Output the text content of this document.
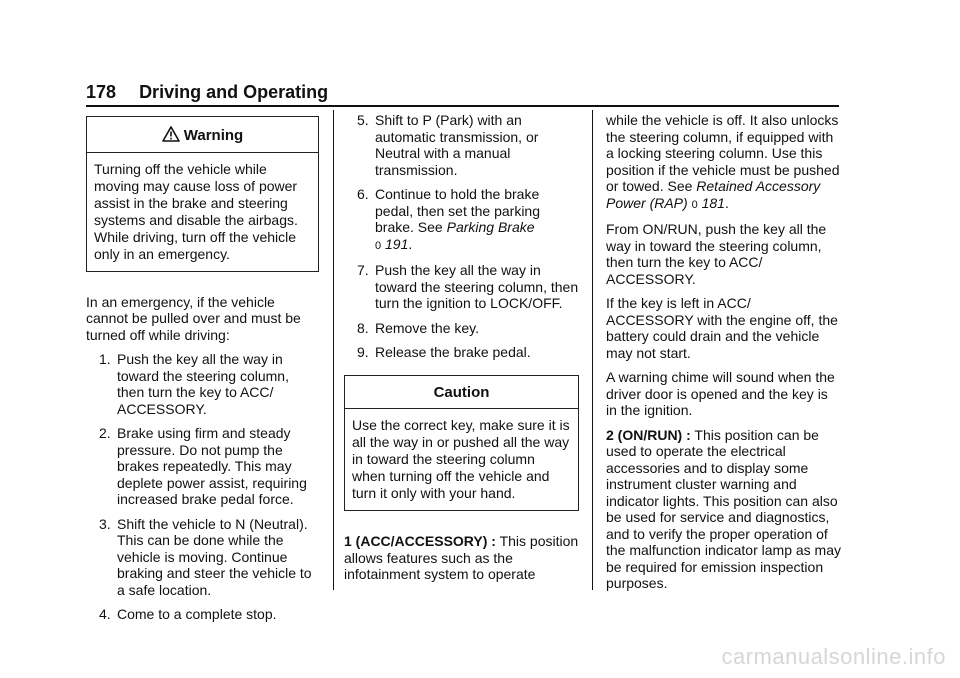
178 Driving and Operating
Warning
Turning off the vehicle while moving may cause loss of power assist in the brake and steering systems and disable the airbags. While driving, turn off the vehicle only in an emergency.

In an emergency, if the vehicle cannot be pulled over and must be turned off while driving:

1. Push the key all the way in toward the steering column, then turn the key to ACC/ ACCESSORY.
2. Brake using firm and steady pressure. Do not pump the brakes repeatedly. This may deplete power assist, requiring increased brake pedal force.
3. Shift the vehicle to N (Neutral). This can be done while the vehicle is moving. Continue braking and steer the vehicle to a safe location.
4. Come to a complete stop.
5. Shift to P (Park) with an automatic transmission, or Neutral with a manual transmission.
6. Continue to hold the brake pedal, then set the parking brake. See Parking Brake
0 191.
7. Push the key all the way in toward the steering column, then turn the ignition to LOCK/OFF.
8. Remove the key.
9. Release the brake pedal.
Caution
Use the correct key, make sure it is all the way in or pushed all the way in toward the steering column when turning off the vehicle and turn it only with your hand.

1 (ACC/ACCESSORY) : This position allows features such as the infotainment system to operate

while the vehicle is off. It also unlocks the steering column, if equipped with a locking steering column. Use this position if the vehicle must be pushed or towed. See Retained Accessory Power (RAP) 0 181.

From ON/RUN, push the key all the way in toward the steering column, then turn the key to ACC/ ACCESSORY.

If the key is left in ACC/ ACCESSORY with the engine off, the battery could drain and the vehicle may not start.

A warning chime will sound when the driver door is opened and the key is in the ignition.

2 (ON/RUN) : This position can be used to operate the electrical accessories and to display some instrument cluster warning and indicator lights. This position can also be used for service and diagnostics, and to verify the proper operation of the malfunction indicator lamp as may be required for emission inspection purposes.

carmanualsonline.info
